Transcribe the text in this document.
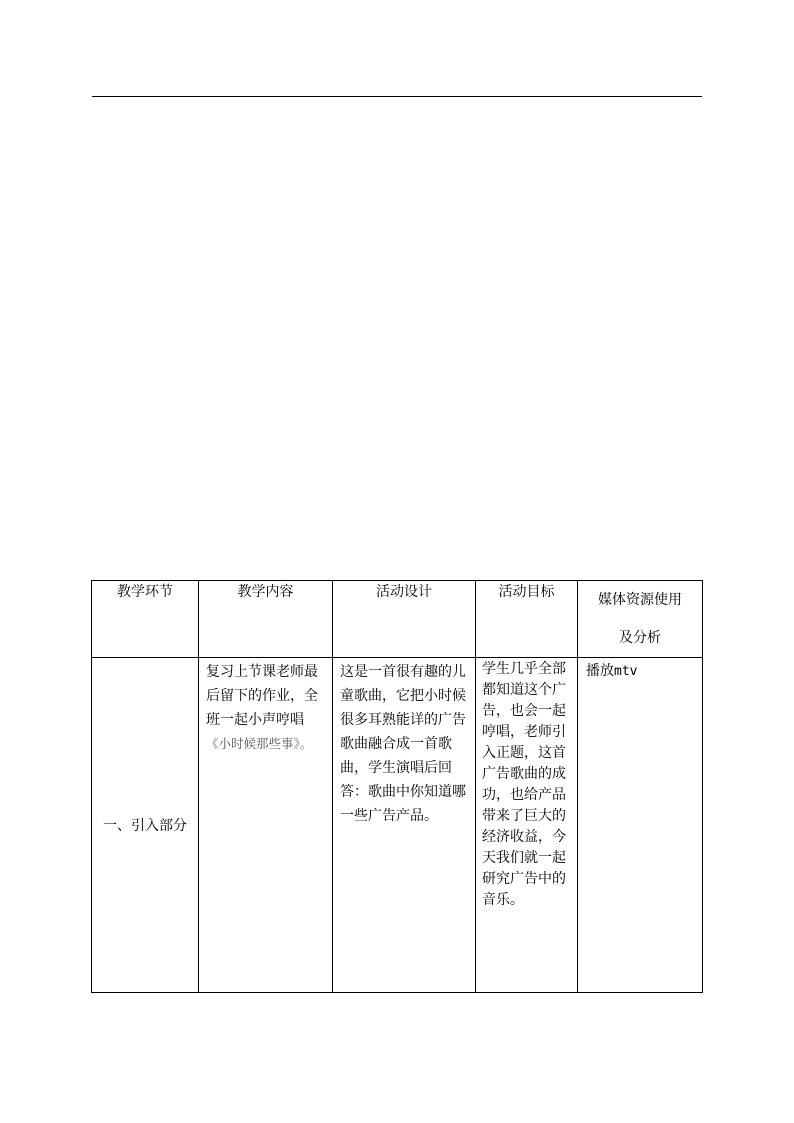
教学环节	教学内容	活动设计	活动目标	媒体资源使用
及分析

一、引入部分	复习上节课老师最后留下的作业，全班一起小声哼唱《小时候那些事》。	这是一首很有趣的儿童歌曲，它把小时候很多耳熟能详的广告歌曲融合成一首歌曲，学生演唱后回答：歌曲中你知道哪一些广告产品。	学生几乎全部都知道这个广告，也会一起哼唱，老师引入正题，这首广告歌曲的成功，也给产品带来了巨大的经济收益，今天我们就一起研究广告中的音乐。	播放mtv
